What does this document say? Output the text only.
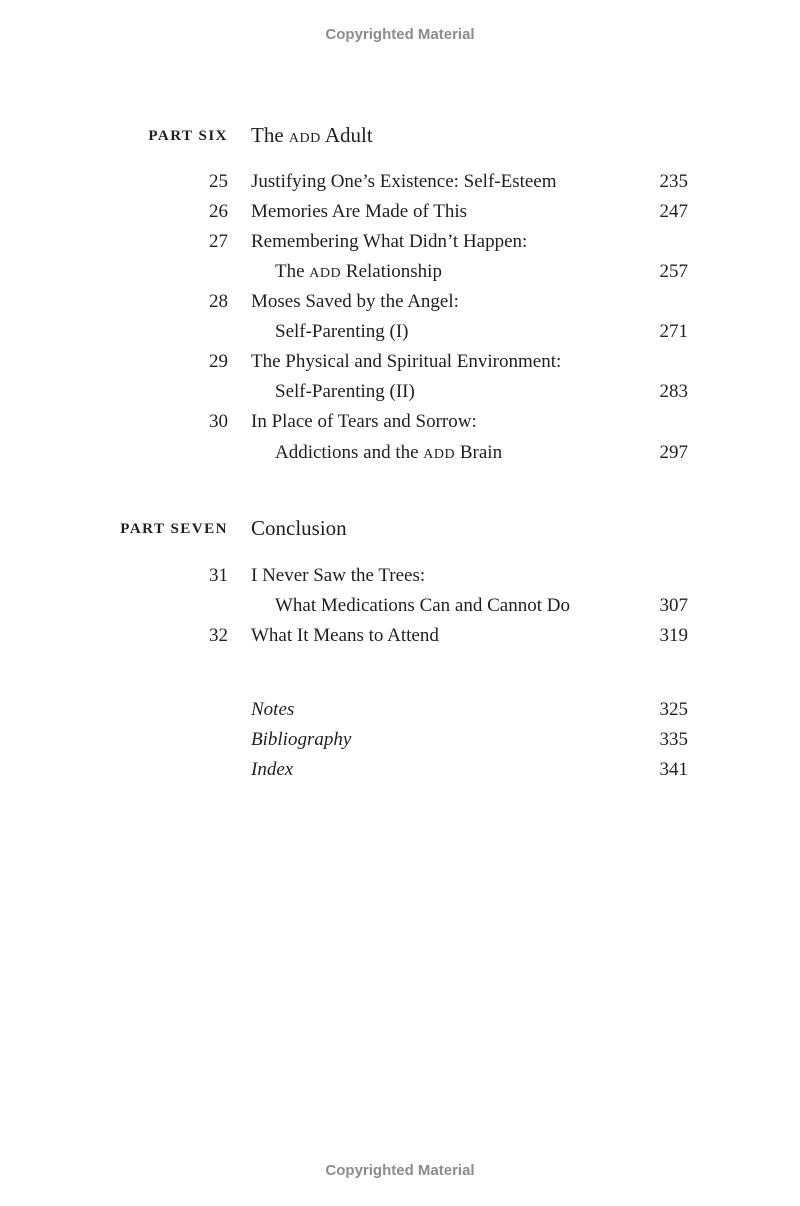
Copyrighted Material
PART SIX The ADD Adult
25 Justifying One’s Existence: Self-Esteem	235
26 Memories Are Made of This	247
27 Remembering What Didn’t Happen:
The ADD Relationship	257
28 Moses Saved by the Angel:
Self-Parenting (I)	271
29 The Physical and Spiritual Environment:
Self-Parenting (II)	283
30 In Place of Tears and Sorrow:
Addictions and the ADD Brain	297
PART SEVEN Conclusion
31 I Never Saw the Trees:
What Medications Can and Cannot Do	307
32 What It Means to Attend	319
Notes	325
Bibliography	335
Index	341
Copyrighted Material
